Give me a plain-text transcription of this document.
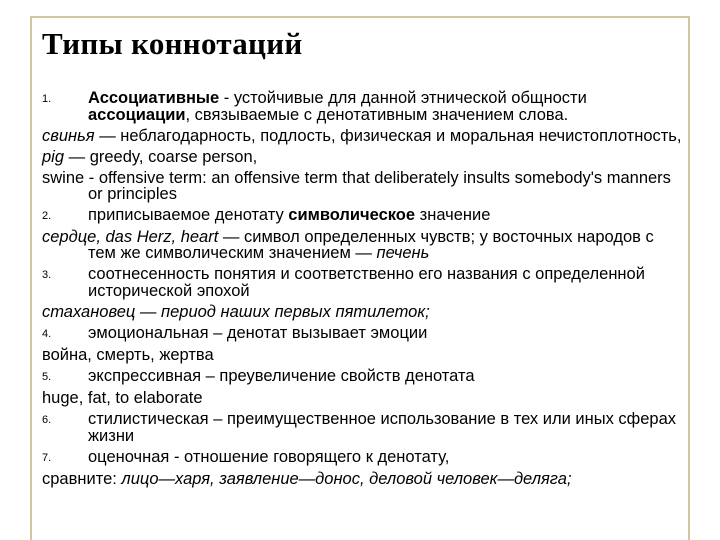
Типы коннотаций

1. Ассоциативные - устойчивые для данной этнической общности ассоциации, связываемые с денотативным значением слова.

свинья — неблагодарность, подлость, физическая и моральная нечистоплотность,

pig — greedy, coarse person,

swine - offensive term: an offensive term that deliberately insults somebody's manners or principles

2. приписываемое денотату символическое значение

сердце, das Herz, heart — символ определенных чувств; у восточных народов с тем же символическим значением — печень

3. соотнесенность понятия и соответственно его названия с определенной исторической эпохой

стахановец — период наших первых пятилеток;

4. эмоциональная – денотат вызывает эмоции

война, смерть, жертва

5. экспрессивная – преувеличение свойств денотата

huge, fat, to elaborate

6. стилистическая – преимущественное использование в тех или иных сферах жизни

7. оценочная - отношение говорящего к денотату,

сравните: лицо—харя, заявление—донос, деловой человек—деляга;
